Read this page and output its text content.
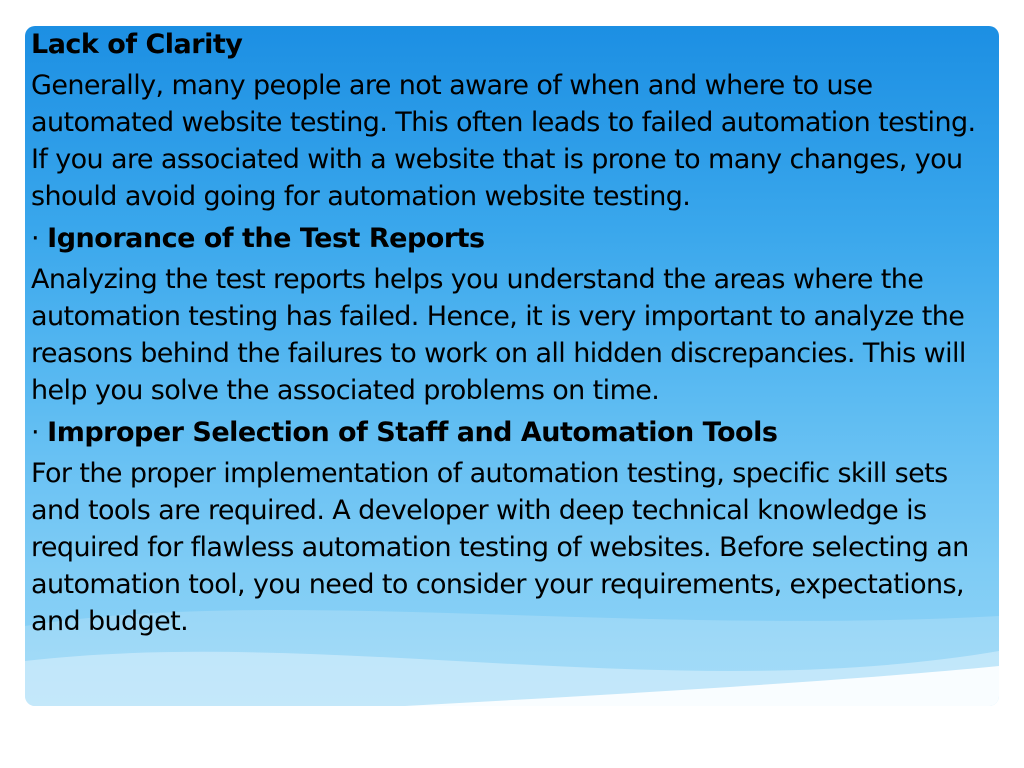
Lack of Clarity

Generally, many people are not aware of when and where to use automated website testing. This often leads to failed automation testing. If you are associated with a website that is prone to many changes, you should avoid going for automation website testing.

· Ignorance of the Test Reports

Analyzing the test reports helps you understand the areas where the automation testing has failed. Hence, it is very important to analyze the reasons behind the failures to work on all hidden discrepancies. This will help you solve the associated problems on time.

· Improper Selection of Staff and Automation Tools

For the proper implementation of automation testing, specific skill sets and tools are required. A developer with deep technical knowledge is required for flawless automation testing of websites. Before selecting an automation tool, you need to consider your requirements, expectations, and budget.
